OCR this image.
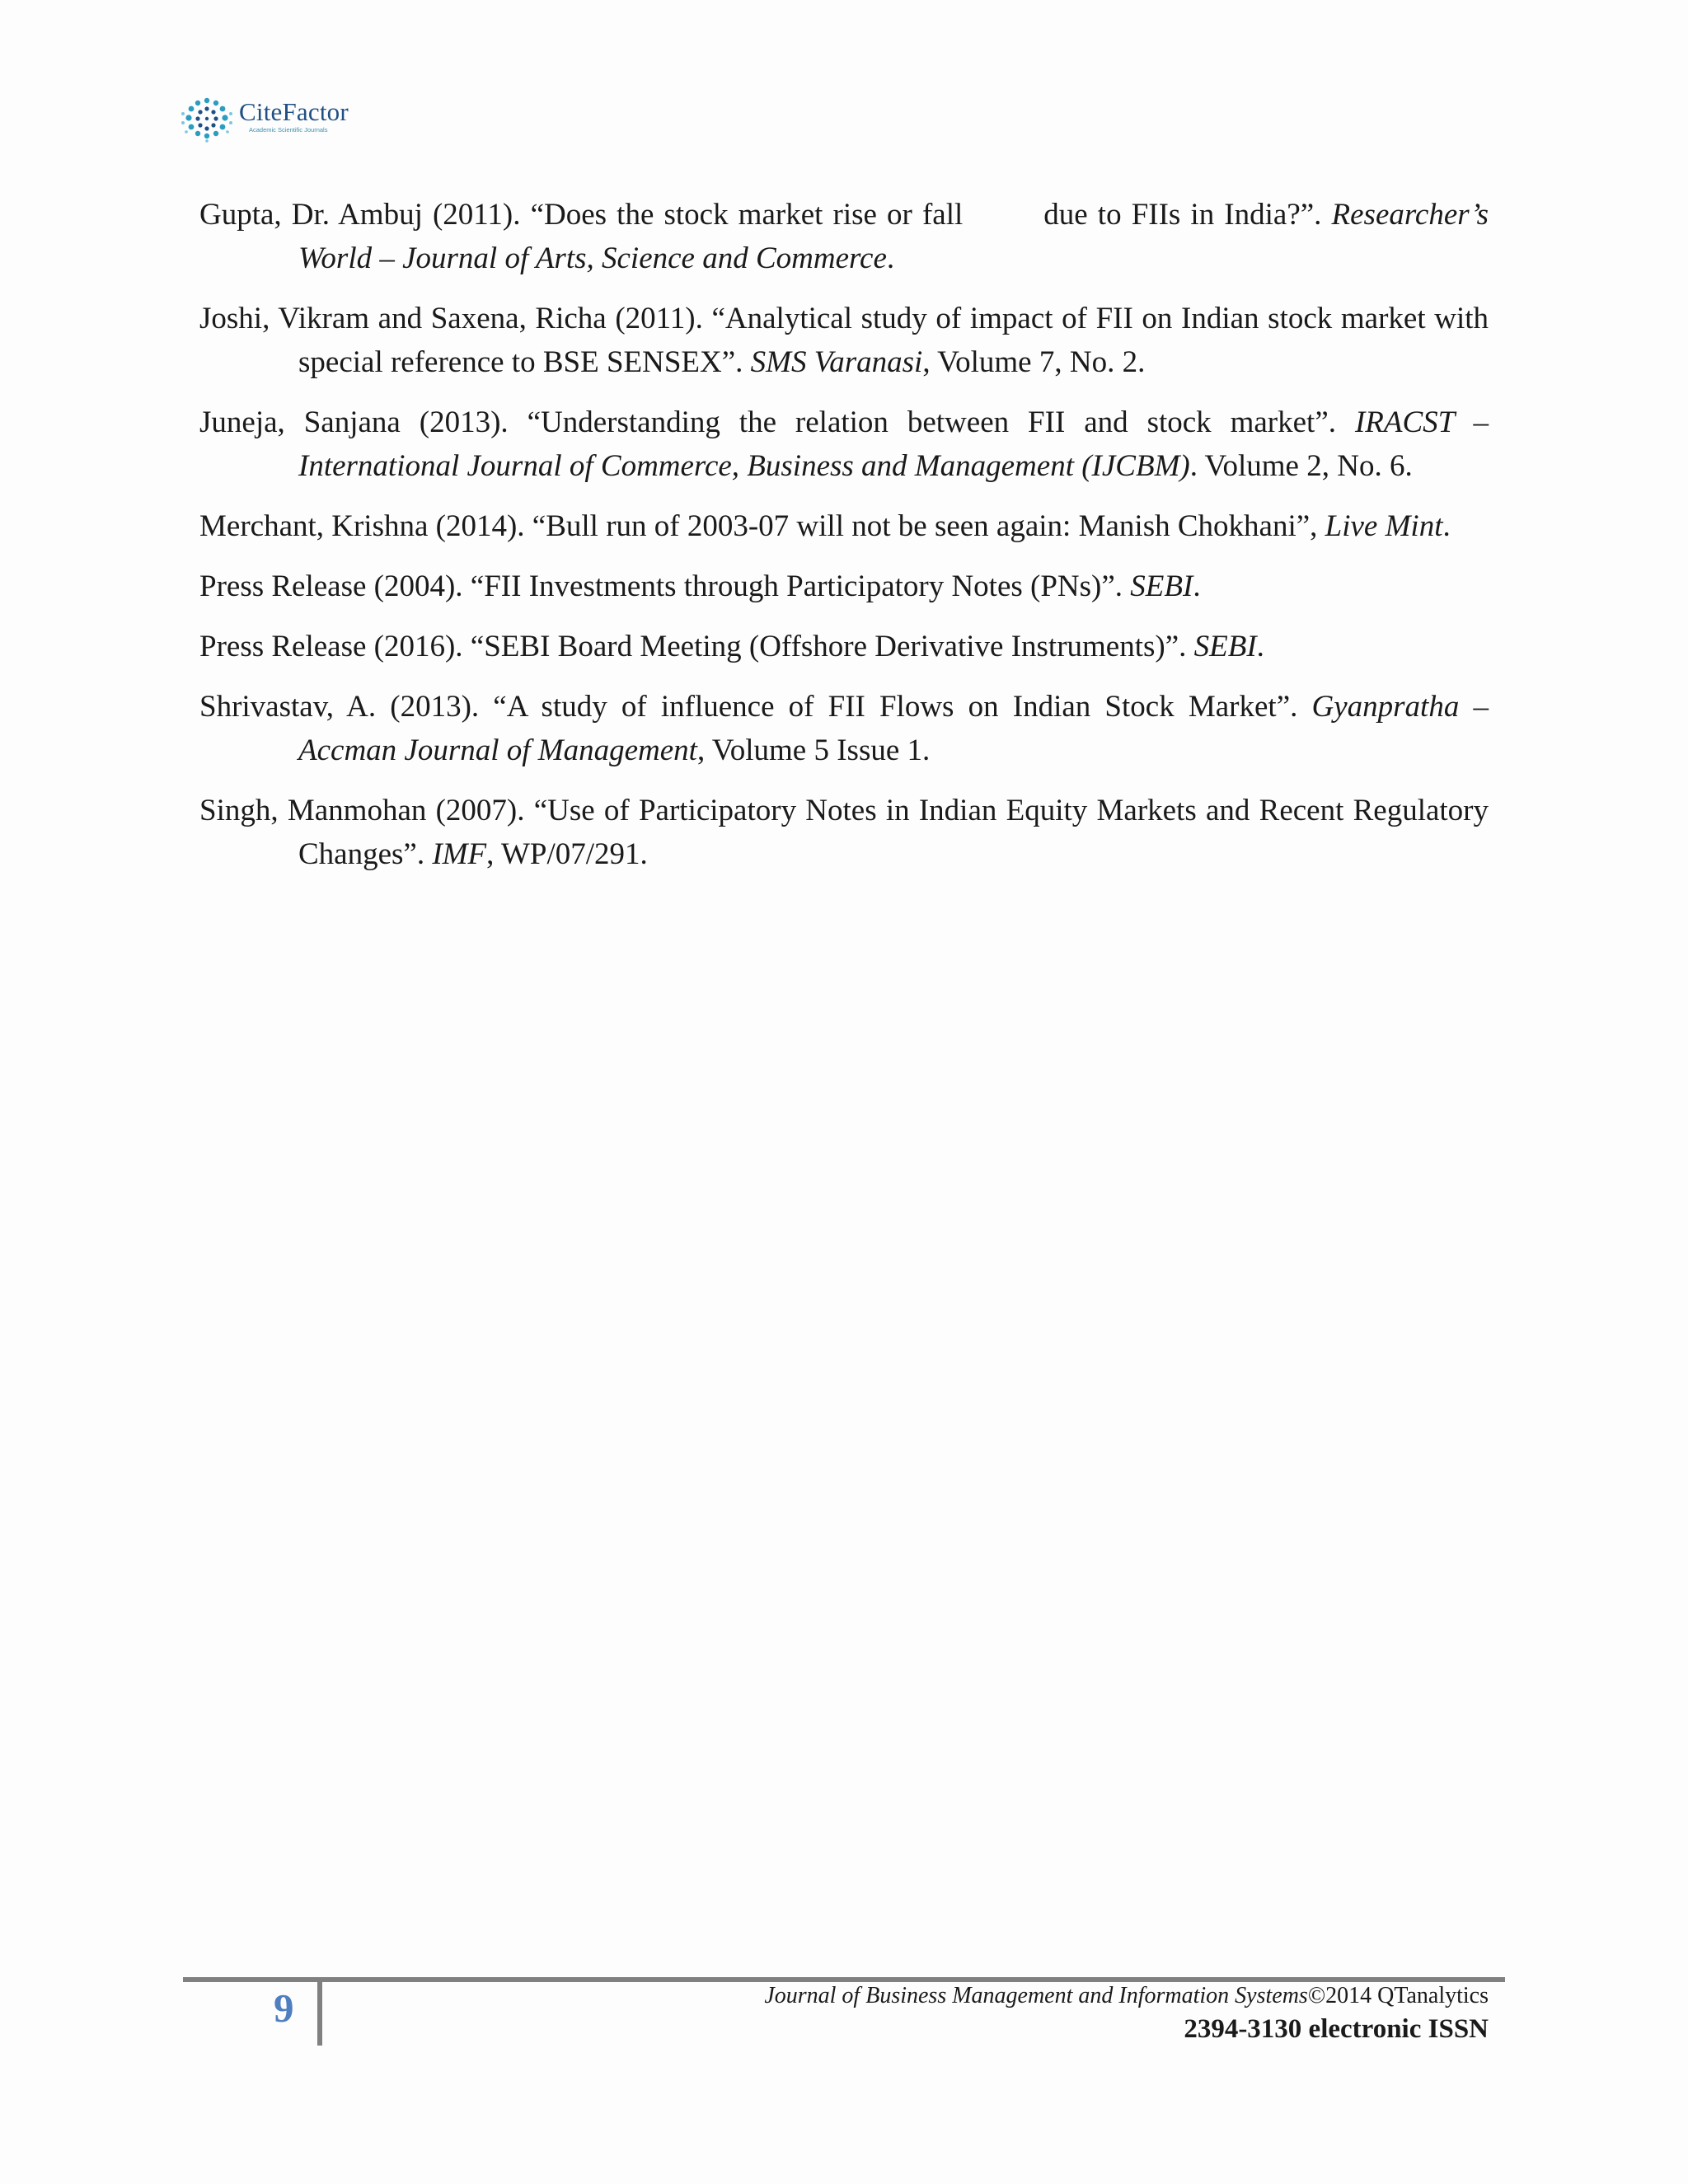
CiteFactor
Academic Scientific Journals

Gupta, Dr. Ambuj (2011). “Does the stock market rise or fall	due to FIIs in India?”. Researcher’s World – Journal of Arts, Science and Commerce.

Joshi, Vikram and Saxena, Richa (2011). “Analytical study of impact of FII on Indian stock market with special reference to BSE SENSEX”. SMS Varanasi, Volume 7, No. 2.

Juneja, Sanjana (2013). “Understanding the relation between FII and stock market”. IRACST – International Journal of Commerce, Business and Management (IJCBM). Volume 2, No. 6.

Merchant, Krishna (2014). “Bull run of 2003-07 will not be seen again: Manish Chokhani”, Live Mint.

Press Release (2004). “FII Investments through Participatory Notes (PNs)”. SEBI.

Press Release (2016). “SEBI Board Meeting (Offshore Derivative Instruments)”. SEBI.

Shrivastav, A. (2013). “A study of influence of FII Flows on Indian Stock Market”. Gyanpratha – Accman Journal of Management, Volume 5 Issue 1.

Singh, Manmohan (2007). “Use of Participatory Notes in Indian Equity Markets and Recent Regulatory Changes”. IMF, WP/07/291.

9	Journal of Business Management and Information Systems©2014 QTanalytics
2394-3130 electronic ISSN
